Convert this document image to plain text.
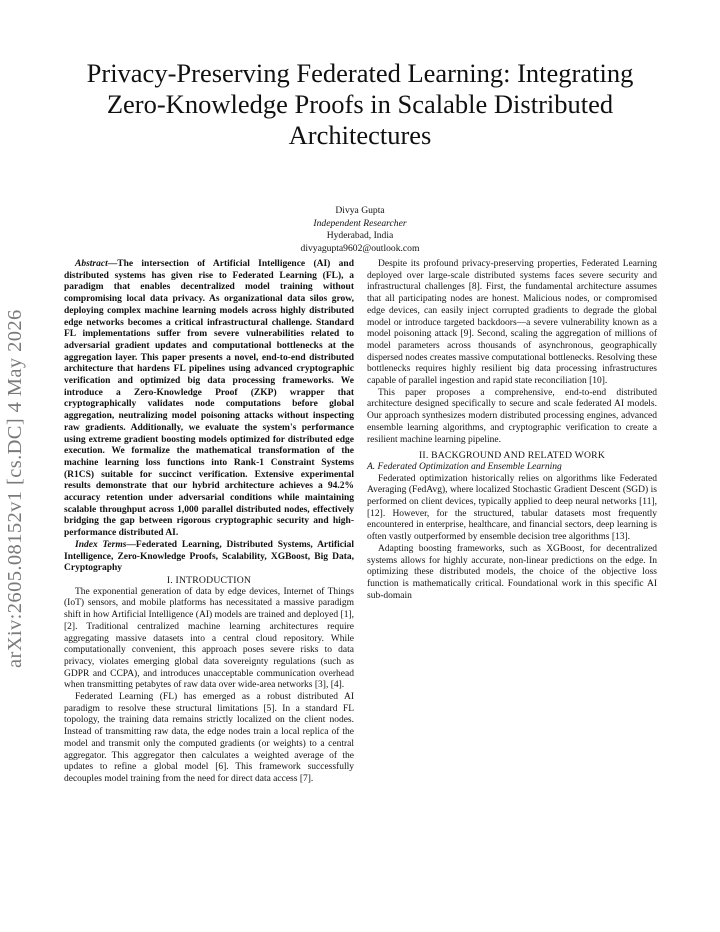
arXiv:2605.08152v1 [cs.DC] 4 May 2026
Privacy-Preserving Federated Learning: Integrating Zero-Knowledge Proofs in Scalable Distributed Architectures
Divya Gupta
Independent Researcher
Hyderabad, India
divyagupta9602@outlook.com

Abstract—The intersection of Artificial Intelligence (AI) and distributed systems has given rise to Federated Learning (FL), a paradigm that enables decentralized model training without compromising local data privacy. As organizational data silos grow, deploying complex machine learning models across highly distributed edge networks becomes a critical infrastructural challenge. Standard FL implementations suffer from severe vulnerabilities related to adversarial gradient updates and computational bottlenecks at the aggregation layer. This paper presents a novel, end-to-end distributed architecture that hardens FL pipelines using advanced cryptographic verification and optimized big data processing frameworks. We introduce a Zero-Knowledge Proof (ZKP) wrapper that cryptographically validates node computations before global aggregation, neutralizing model poisoning attacks without inspecting raw gradients. Additionally, we evaluate the system's performance using extreme gradient boosting models optimized for distributed edge execution. We formalize the mathematical transformation of the machine learning loss functions into Rank-1 Constraint Systems (R1CS) suitable for succinct verification. Extensive experimental results demonstrate that our hybrid architecture achieves a 94.2% accuracy retention under adversarial conditions while maintaining scalable throughput across 1,000 parallel distributed nodes, effectively bridging the gap between rigorous cryptographic security and high-performance distributed AI.

Index Terms—Federated Learning, Distributed Systems, Artificial Intelligence, Zero-Knowledge Proofs, Scalability, XGBoost, Big Data, Cryptography

I. INTRODUCTION

The exponential generation of data by edge devices, Internet of Things (IoT) sensors, and mobile platforms has necessitated a massive paradigm shift in how Artificial Intelligence (AI) models are trained and deployed [1], [2]. Traditional centralized machine learning architectures require aggregating massive datasets into a central cloud repository. While computationally convenient, this approach poses severe risks to data privacy, violates emerging global data sovereignty regulations (such as GDPR and CCPA), and introduces unacceptable communication overhead when transmitting petabytes of raw data over wide-area networks [3], [4].

Federated Learning (FL) has emerged as a robust distributed AI paradigm to resolve these structural limitations [5]. In a standard FL topology, the training data remains strictly localized on the client nodes. Instead of transmitting raw data, the edge nodes train a local replica of the model and transmit only the computed gradients (or weights) to a central aggregator. This aggregator then calculates a weighted average of the updates to refine a global model [6]. This framework successfully decouples model training from the need for direct data access [7].

Despite its profound privacy-preserving properties, Federated Learning deployed over large-scale distributed systems faces severe security and infrastructural challenges [8]. First, the fundamental architecture assumes that all participating nodes are honest. Malicious nodes, or compromised edge devices, can easily inject corrupted gradients to degrade the global model or introduce targeted backdoors—a severe vulnerability known as a model poisoning attack [9]. Second, scaling the aggregation of millions of model parameters across thousands of asynchronous, geographically dispersed nodes creates massive computational bottlenecks. Resolving these bottlenecks requires highly resilient big data processing infrastructures capable of parallel ingestion and rapid state reconciliation [10].

This paper proposes a comprehensive, end-to-end distributed architecture designed specifically to secure and scale federated AI models. Our approach synthesizes modern distributed processing engines, advanced ensemble learning algorithms, and cryptographic verification to create a resilient machine learning pipeline.

II. BACKGROUND AND RELATED WORK

A. Federated Optimization and Ensemble Learning

Federated optimization historically relies on algorithms like Federated Averaging (FedAvg), where localized Stochastic Gradient Descent (SGD) is performed on client devices, typically applied to deep neural networks [11], [12]. However, for the structured, tabular datasets most frequently encountered in enterprise, healthcare, and financial sectors, deep learning is often vastly outperformed by ensemble decision tree algorithms [13].

Adapting boosting frameworks, such as XGBoost, for decentralized systems allows for highly accurate, non-linear predictions on the edge. In optimizing these distributed models, the choice of the objective loss function is mathematically critical. Foundational work in this specific AI sub-domain
